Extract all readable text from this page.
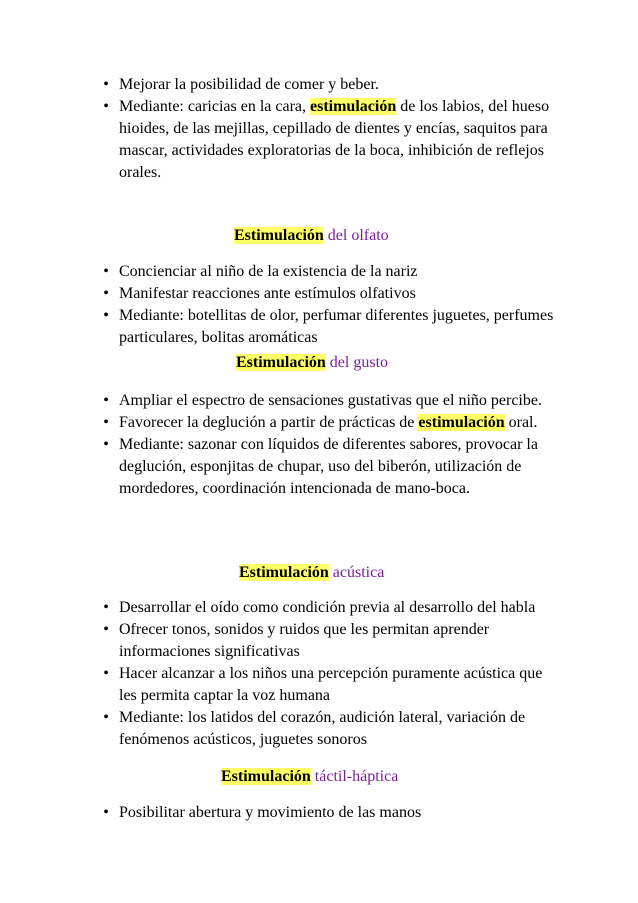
• Mejorar la posibilidad de comer y beber.
• Mediante: caricias en la cara, estimulación de los labios, del hueso hioides, de las mejillas, cepillado de dientes y encías, saquitos para mascar, actividades exploratorias de la boca, inhibición de reflejos orales.

Estimulación del olfato

• Concienciar al niño de la existencia de la nariz
• Manifestar reacciones ante estímulos olfativos
• Mediante: botellitas de olor, perfumar diferentes juguetes, perfumes particulares, bolitas aromáticas

Estimulación del gusto

• Ampliar el espectro de sensaciones gustativas que el niño percibe.
• Favorecer la deglución a partir de prácticas de estimulación oral.
• Mediante: sazonar con líquidos de diferentes sabores, provocar la deglución, esponjitas de chupar, uso del biberón, utilización de mordedores, coordinación intencionada de mano-boca.

Estimulación acústica

• Desarrollar el oído como condición previa al desarrollo del habla
• Ofrecer tonos, sonidos y ruidos que les permitan aprender informaciones significativas
• Hacer alcanzar a los niños una percepción puramente acústica que les permita captar la voz humana
• Mediante: los latidos del corazón, audición lateral, variación de fenómenos acústicos, juguetes sonoros

Estimulación táctil-háptica

• Posibilitar abertura y movimiento de las manos
